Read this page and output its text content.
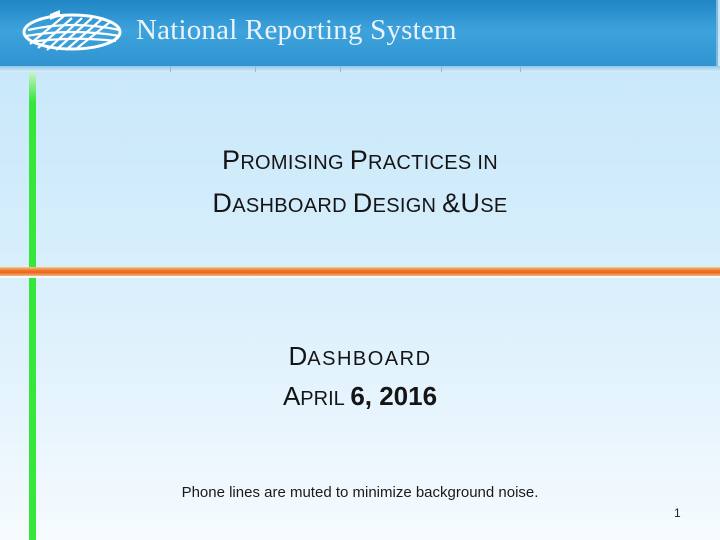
National Reporting System
PROMISING PRACTICES IN
DASHBOARD DESIGN &USE
DASHBOARD
APRIL 6, 2016
Phone lines are muted to minimize background noise.
1
